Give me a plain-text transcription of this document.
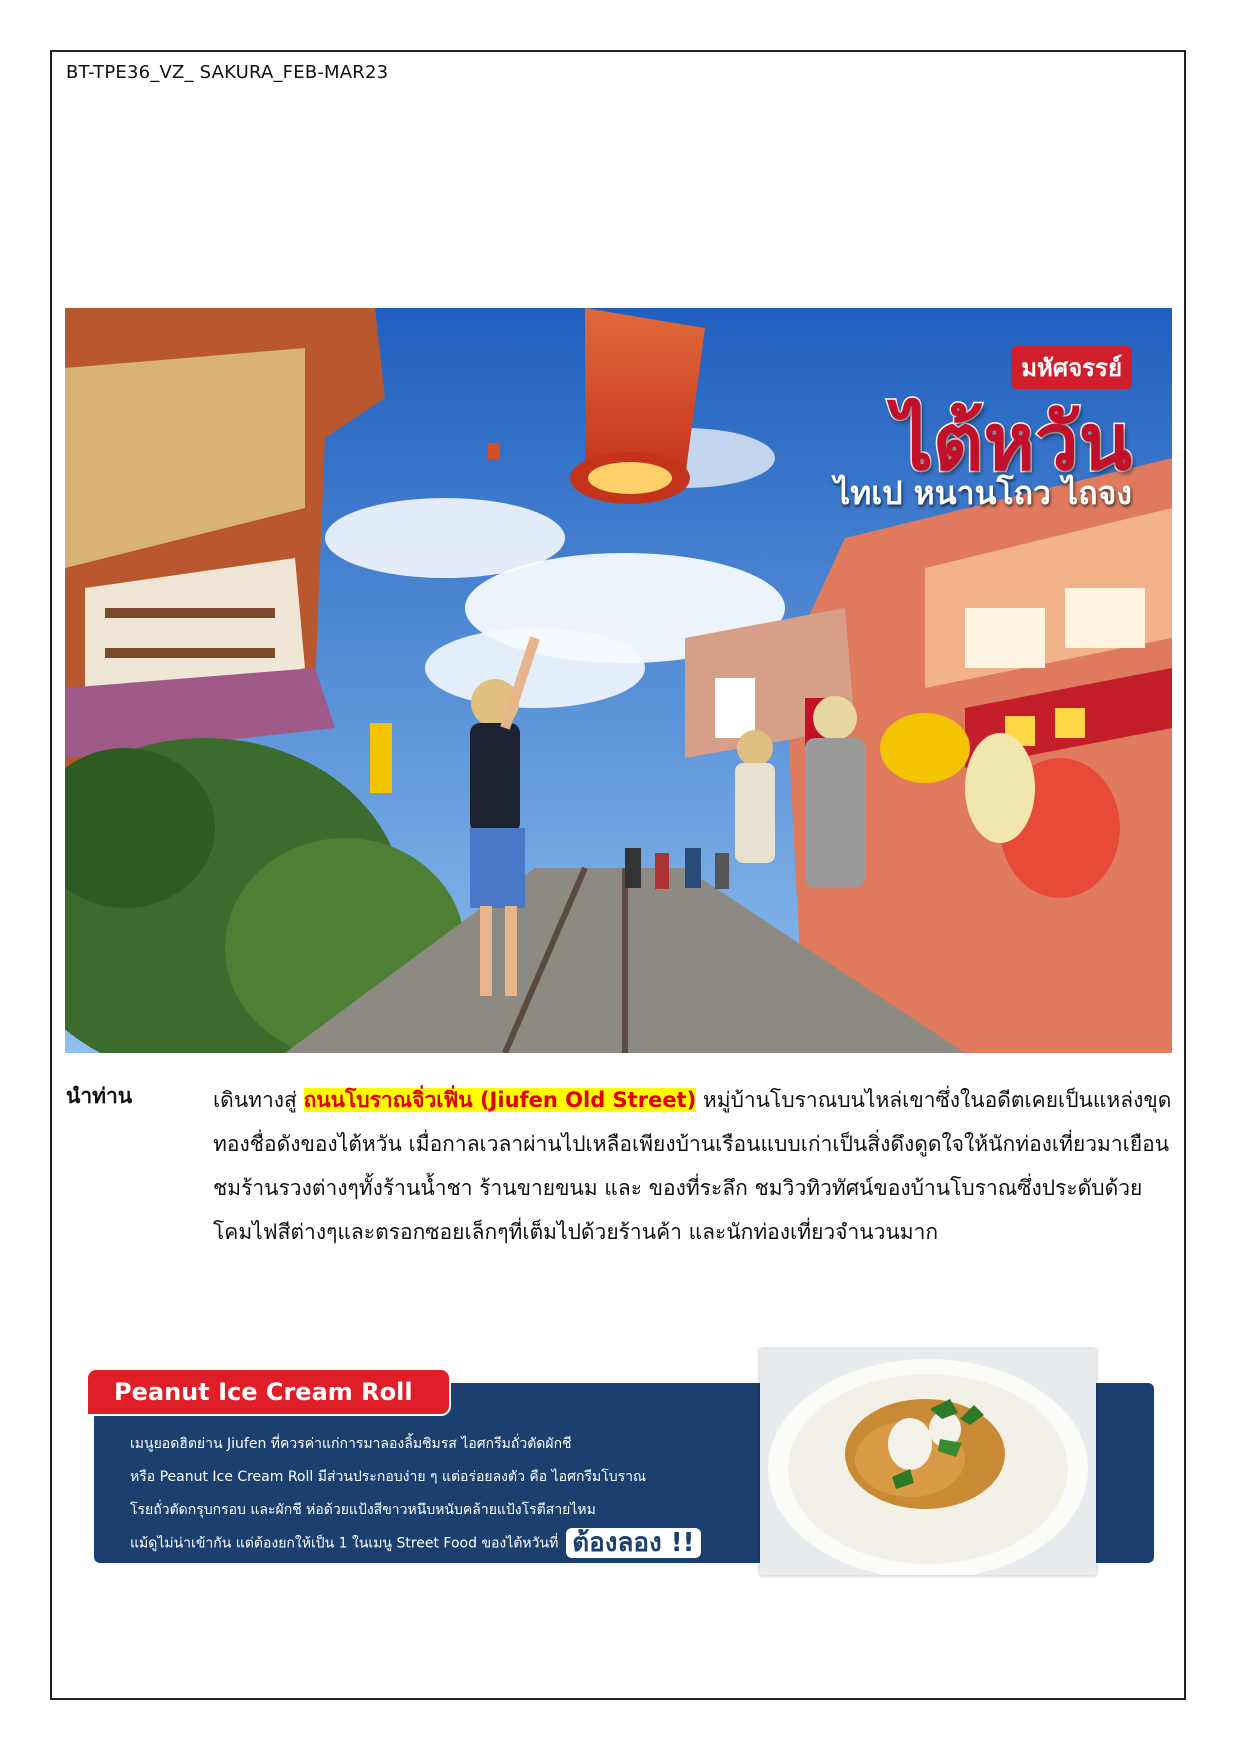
BT-TPE36_VZ_ SAKURA_FEB-MAR23
มหัศจรรย์
ไต้หวัน
ไทเป หนานโถว ไถจง
นำท่าน	เดินทางสู่ ถนนโบราณจิ่วเฟิ่น (Jiufen Old Street) หมู่บ้านโบราณบนไหล่เขาซึ่งในอดีตเคยเป็นแหล่งขุดทองชื่อดังของไต้หวัน เมื่อกาลเวลาผ่านไปเหลือเพียงบ้านเรือนแบบเก่าเป็นสิ่งดึงดูดใจให้นักท่องเที่ยวมาเยือน ชมร้านรวงต่างๆทั้งร้านน้ำชา ร้านขายขนม และ ของที่ระลึก ชมวิวทิวทัศน์ของบ้านโบราณซึ่งประดับด้วยโคมไฟสีต่างๆและตรอกซอยเล็กๆที่เต็มไปด้วยร้านค้า และนักท่องเที่ยวจำนวนมาก
Peanut Ice Cream Roll
เมนูยอดฮิตย่าน Jiufen ที่ควรค่าแก่การมาลองลิ้มชิมรส ไอศกรีมถั่วตัดผักชี
หรือ Peanut Ice Cream Roll มีส่วนประกอบง่าย ๆ แต่อร่อยลงตัว คือ ไอศกรีมโบราณ
โรยถั่วตัดกรุบกรอบ และผักชี ห่อด้วยแป้งสีขาวหนึบหนับคล้ายแป้งโรตีสายไหม
แม้ดูไม่น่าเข้ากัน แต่ต้องยกให้เป็น 1 ในเมนู Street Food ของไต้หวันที่ ต้องลอง !!
